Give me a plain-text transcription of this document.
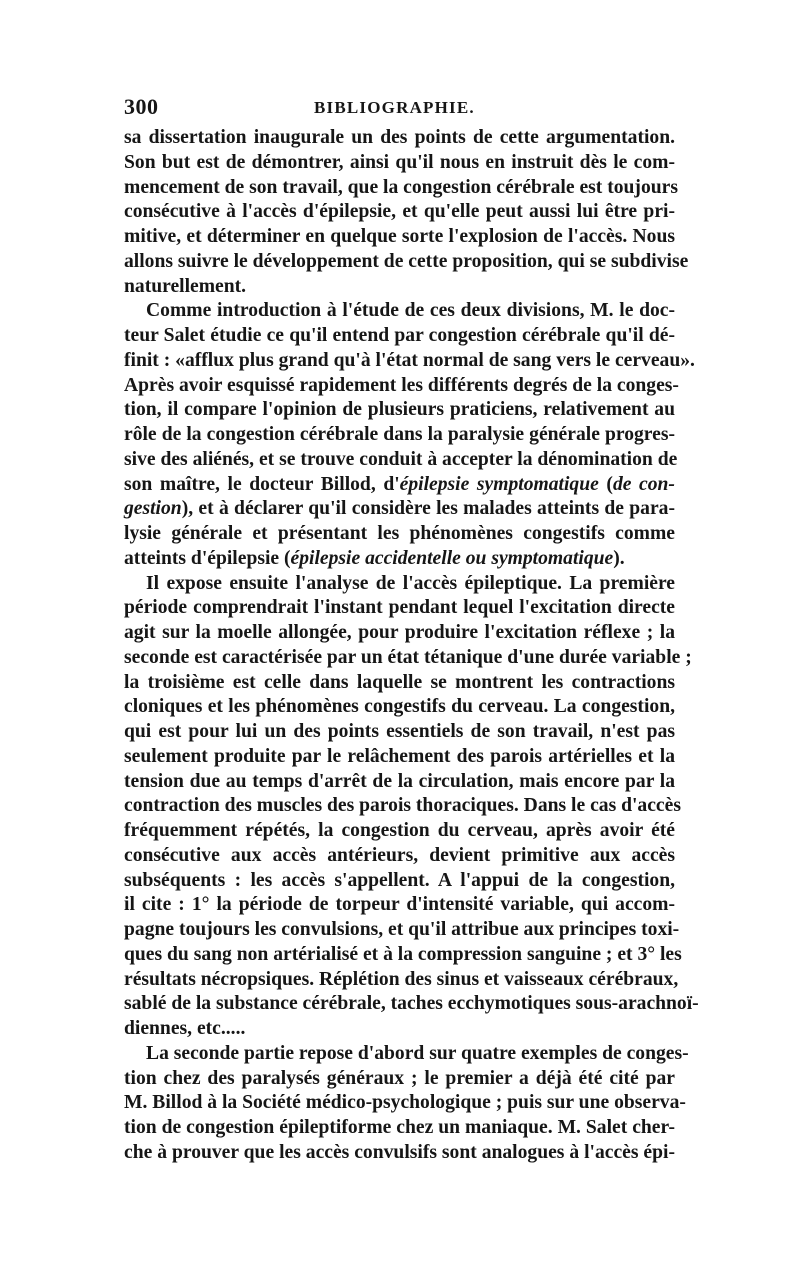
300	BIBLIOGRAPHIE.
sa dissertation inaugurale un des points de cette argumentation.
Son but est de démontrer, ainsi qu'il nous en instruit dès le com-
mencement de son travail, que la congestion cérébrale est toujours
consécutive à l'accès d'épilepsie, et qu'elle peut aussi lui être pri-
mitive, et déterminer en quelque sorte l'explosion de l'accès. Nous
allons suivre le développement de cette proposition, qui se subdivise
naturellement.
Comme introduction à l'étude de ces deux divisions, M. le doc-
teur Salet étudie ce qu'il entend par congestion cérébrale qu'il dé-
finit : «afflux plus grand qu'à l'état normal de sang vers le cerveau».
Après avoir esquissé rapidement les différents degrés de la conges-
tion, il compare l'opinion de plusieurs praticiens, relativement au
rôle de la congestion cérébrale dans la paralysie générale progres-
sive des aliénés, et se trouve conduit à accepter la dénomination de
son maître, le docteur Billod, d'épilepsie symptomatique (de con-
gestion), et à déclarer qu'il considère les malades atteints de para-
lysie générale et présentant les phénomènes congestifs comme
atteints d'épilepsie (épilepsie accidentelle ou symptomatique).
Il expose ensuite l'analyse de l'accès épileptique. La première
période comprendrait l'instant pendant lequel l'excitation directe
agit sur la moelle allongée, pour produire l'excitation réflexe ; la
seconde est caractérisée par un état tétanique d'une durée variable ;
la troisième est celle dans laquelle se montrent les contractions
cloniques et les phénomènes congestifs du cerveau. La congestion,
qui est pour lui un des points essentiels de son travail, n'est pas
seulement produite par le relâchement des parois artérielles et la
tension due au temps d'arrêt de la circulation, mais encore par la
contraction des muscles des parois thoraciques. Dans le cas d'accès
fréquemment répétés, la congestion du cerveau, après avoir été
consécutive aux accès antérieurs, devient primitive aux accès
subséquents : les accès s'appellent. A l'appui de la congestion,
il cite : 1° la période de torpeur d'intensité variable, qui accom-
pagne toujours les convulsions, et qu'il attribue aux principes toxi-
ques du sang non artérialisé et à la compression sanguine ; et 3° les
résultats nécropsiques. Réplétion des sinus et vaisseaux cérébraux,
sablé de la substance cérébrale, taches ecchymotiques sous-arachnoï-
diennes, etc.....
La seconde partie repose d'abord sur quatre exemples de conges-
tion chez des paralysés généraux ; le premier a déjà été cité par
M. Billod à la Société médico-psychologique ; puis sur une observa-
tion de congestion épileptiforme chez un maniaque. M. Salet cher-
che à prouver que les accès convulsifs sont analogues à l'accès épi-
